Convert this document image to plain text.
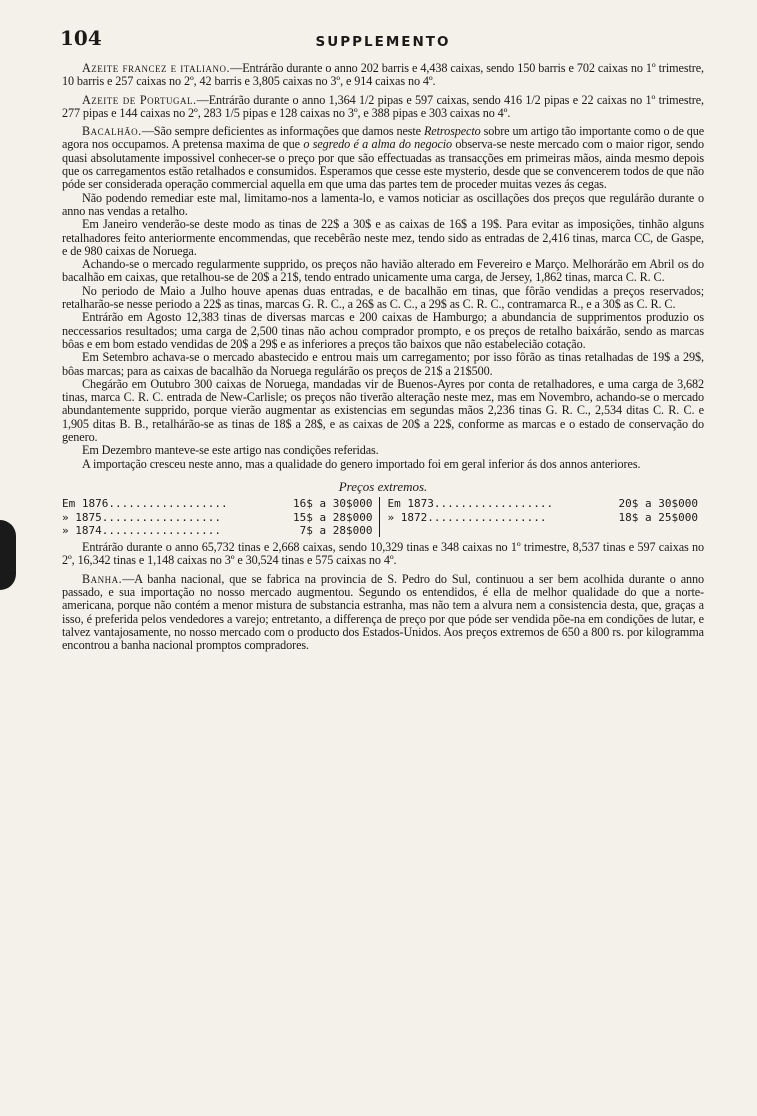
104	SUPPLEMENTO

Azeite francez e italiano.—Entrárão durante o anno 202 barris e 4,438 caixas, sendo 150 barris e 702 caixas no 1º trimestre, 10 barris e 257 caixas no 2º, 42 barris e 3,805 caixas no 3º, e 914 caixas no 4º.

Azeite de Portugal.—Entrárão durante o anno 1,364 1/2 pipas e 597 caixas, sendo 416 1/2 pipas e 22 caixas no 1º trimestre, 277 pipas e 144 caixas no 2º, 283 1/5 pipas e 128 caixas no 3º, e 388 pipas e 303 caixas no 4º.

Bacalhão.—São sempre deficientes as informações que damos neste Retrospecto sobre um artigo tão importante como o de que agora nos occupamos. A pretensa maxima de que o segredo é a alma do negocio observa-se neste mercado com o maior rigor, sendo quasi absolutamente impossivel conhecer-se o preço por que são effectuadas as transacções em primeiras mãos, ainda mesmo depois que os carregamentos estão retalhados e consumidos. Esperamos que cesse este mysterio, desde que se convencerem todos de que não póde ser considerada operação commercial aquella em que uma das partes tem de proceder muitas vezes ás cegas.

Não podendo remediar este mal, limitamo-nos a lamenta-lo, e vamos noticiar as oscillações dos preços que regulárão durante o anno nas vendas a retalho.

Em Janeiro venderão-se deste modo as tinas de 22$ a 30$ e as caixas de 16$ a 19$. Para evitar as imposições, tinhão alguns retalhadores feito anteriormente encommendas, que recebêrão neste mez, tendo sido as entradas de 2,416 tinas, marca CC, de Gaspe, e de 980 caixas de Noruega.

Achando-se o mercado regularmente supprido, os preços não havião alterado em Fevereiro e Março. Melhorárão em Abril os do bacalhão em caixas, que retalhou-se de 20$ a 21$, tendo entrado unicamente uma carga, de Jersey, 1,862 tinas, marca C. R. C.

No periodo de Maio a Julho houve apenas duas entradas, e de bacalhão em tinas, que fôrão vendidas a preços reservados; retalharão-se nesse periodo a 22$ as tinas, marcas G. R. C., a 26$ as C. C., a 29$ as C. R. C., contramarca R., e a 30$ as C. R. C.

Entrárão em Agosto 12,383 tinas de diversas marcas e 200 caixas de Hamburgo; a abundancia de supprimentos produzio os neccessarios resultados; uma carga de 2,500 tinas não achou comprador prompto, e os preços de retalho baixárão, sendo as marcas bôas e em bom estado vendidas de 20$ a 29$ e as inferiores a preços tão baixos que não estabelecião cotação.

Em Setembro achava-se o mercado abastecido e entrou mais um carregamento; por isso fôrão as tinas retalhadas de 19$ a 29$, bôas marcas; para as caixas de bacalhão da Noruega regulárão os preços de 21$ a 21$500.

Chegárão em Outubro 300 caixas de Noruega, mandadas vir de Buenos-Ayres por conta de retalhadores, e uma carga de 3,682 tinas, marca C. R. C. entrada de New-Carlisle; os preços não tiverão alteração neste mez, mas em Novembro, achando-se o mercado abundantemente supprido, porque vierão augmentar as existencias em segundas mãos 2,236 tinas G. R. C., 2,534 ditas C. R. C. e 1,905 ditas B. B., retalhárão-se as tinas de 18$ a 28$, e as caixas de 20$ a 22$, conforme as marcas e o estado de conservação do genero.

Em Dezembro manteve-se este artigo nas condições referidas.

A importação cresceu neste anno, mas a qualidade do genero importado foi em geral inferior ás dos annos anteriores.

Preços extremos.
Em 1876..................	16$ a 30$000
» 1875..................	15$ a 28$000
» 1874..................	7$ a 28$000
Em 1873..................	20$ a 30$000
» 1872..................	18$ a 25$000

Entrárão durante o anno 65,732 tinas e 2,668 caixas, sendo 10,329 tinas e 348 caixas no 1º trimestre, 8,537 tinas e 597 caixas no 2º, 16,342 tinas e 1,148 caixas no 3º e 30,524 tinas e 575 caixas no 4º.

Banha.—A banha nacional, que se fabrica na provincia de S. Pedro do Sul, continuou a ser bem acolhida durante o anno passado, e sua importação no nosso mercado augmentou. Segundo os entendidos, é ella de melhor qualidade do que a norte-americana, porque não contém a menor mistura de substancia estranha, mas não tem a alvura nem a consistencia desta, que, graças a isso, é preferida pelos vendedores a varejo; entretanto, a differença de preço por que póde ser vendida põe-na em condições de lutar, e talvez vantajosamente, no nosso mercado com o producto dos Estados-Unidos. Aos preços extremos de 650 a 800 rs. por kilogramma encontrou a banha nacional promptos compradores.
